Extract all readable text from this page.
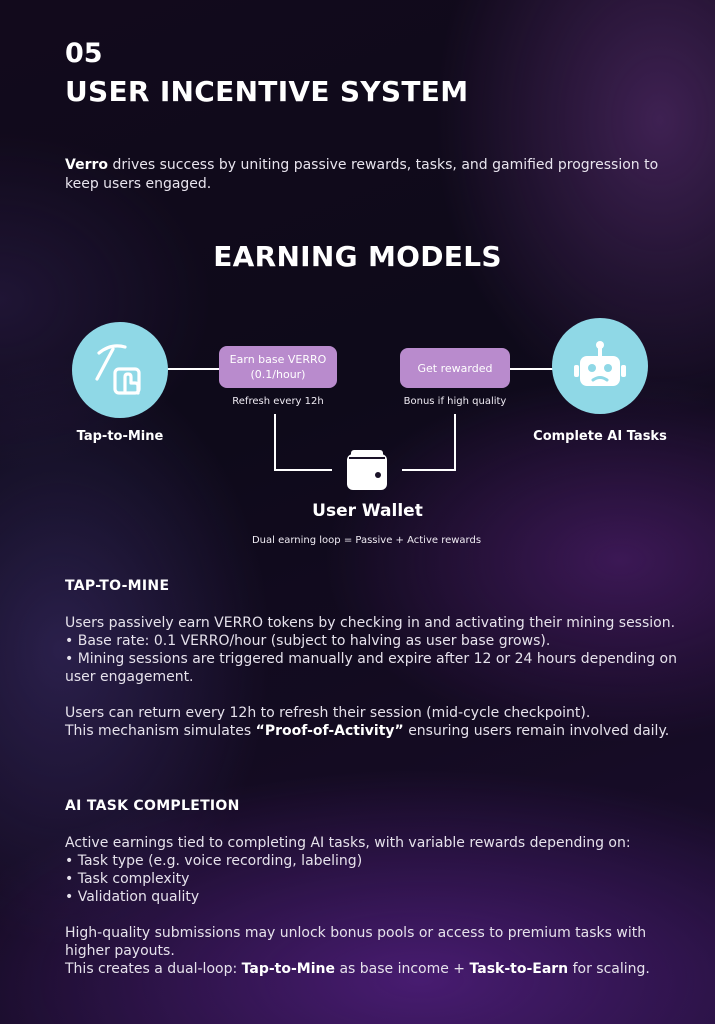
05
USER INCENTIVE SYSTEM
Verro drives success by uniting passive rewards, tasks, and gamified progression to keep users engaged.
EARNING MODELS
Tap-to-Mine
Earn base VERRO
(0.1/hour)
Refresh every 12h
Get rewarded
Bonus if high quality
Complete AI Tasks
User Wallet
Dual earning loop = Passive + Active rewards
TAP-TO-MINE
Users passively earn VERRO tokens by checking in and activating their mining session.
• Base rate: 0.1 VERRO/hour (subject to halving as user base grows).
• Mining sessions are triggered manually and expire after 12 or 24 hours depending on user engagement.
Users can return every 12h to refresh their session (mid-cycle checkpoint).
This mechanism simulates “Proof-of-Activity” ensuring users remain involved daily.
AI TASK COMPLETION
Active earnings tied to completing AI tasks, with variable rewards depending on:
• Task type (e.g. voice recording, labeling)
• Task complexity
• Validation quality
High-quality submissions may unlock bonus pools or access to premium tasks with higher payouts.
This creates a dual-loop: Tap-to-Mine as base income + Task-to-Earn for scaling.
